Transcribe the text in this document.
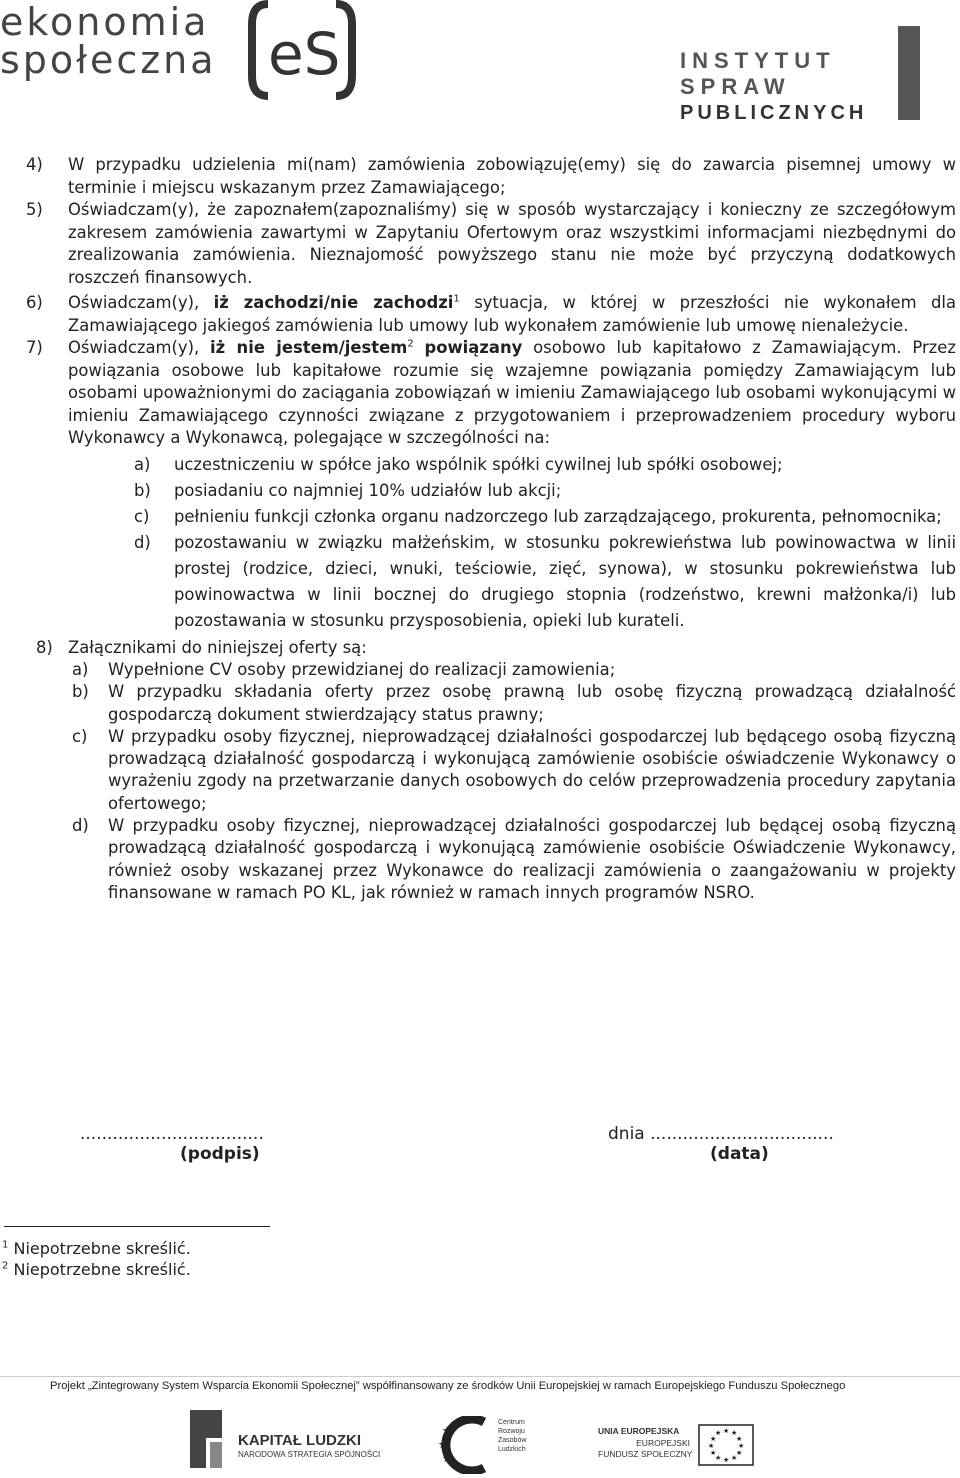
ekonomia
społeczna eS	INSTYTUT SPRAW
PUBLICZNYCH
4) W przypadku udzielenia mi(nam) zamówienia zobowiązuję(emy) się do zawarcia pisemnej umowy w terminie i miejscu wskazanym przez Zamawiającego;
5) Oświadczam(y), że zapoznałem(zapoznaliśmy) się w sposób wystarczający i konieczny ze szczegółowym zakresem zamówienia zawartymi w Zapytaniu Ofertowym oraz wszystkimi informacjami niezbędnymi do zrealizowania zamówienia. Nieznajomość powyższego stanu nie może być przyczyną dodatkowych roszczeń finansowych.
6) Oświadczam(y), iż zachodzi/nie zachodzi$^1$ sytuacja, w której w przeszłości nie wykonałem dla Zamawiającego jakiegoś zamówienia lub umowy lub wykonałem zamówienie lub umowę nienależycie.
7) Oświadczam(y), iż nie jestem/jestem$^2$ powiązany osobowo lub kapitałowo z Zamawiającym. Przez powiązania osobowe lub kapitałowe rozumie się wzajemne powiązania pomiędzy Zamawiającym lub osobami upoważnionymi do zaciągania zobowiązań w imieniu Zamawiającego lub osobami wykonującymi w imieniu Zamawiającego czynności związane z przygotowaniem i przeprowadzeniem procedury wyboru Wykonawcy a Wykonawcą, polegające w szczególności na:
a) uczestniczeniu w spółce jako wspólnik spółki cywilnej lub spółki osobowej;
b) posiadaniu co najmniej 10% udziałów lub akcji;
c) pełnieniu funkcji członka organu nadzorczego lub zarządzającego, prokurenta, pełnomocnika;
d) pozostawaniu w związku małżeńskim, w stosunku pokrewieństwa lub powinowactwa w linii prostej (rodzice, dzieci, wnuki, teściowie, zięć, synowa), w stosunku pokrewieństwa lub powinowactwa w linii bocznej do drugiego stopnia (rodzeństwo, krewni małżonka/i) lub pozostawania w stosunku przysposobienia, opieki lub kurateli.
8) Załącznikami do niniejszej oferty są:
a) Wypełnione CV osoby przewidzianej do realizacji zamowienia;
b) W przypadku składania oferty przez osobę prawną lub osobę fizyczną prowadzącą działalność gospodarczą dokument stwierdzający status prawny;
c) W przypadku osoby fizycznej, nieprowadzącej działalności gospodarczej lub będącego osobą fizyczną prowadzącą działalność gospodarczą i wykonującą zamówienie osobiście oświadczenie Wykonawcy o wyrażeniu zgody na przetwarzanie danych osobowych do celów przeprowadzenia procedury zapytania ofertowego;
d) W przypadku osoby fizycznej, nieprowadzącej działalności gospodarczej lub będącej osobą fizyczną prowadzącą działalność gospodarczą i wykonującą zamówienie osobiście Oświadczenie Wykonawcy, również osoby wskazanej przez Wykonawce do realizacji zamówienia o zaangażowaniu w projekty finansowane w ramach PO KL, jak również w ramach innych programów NSRO.
..................................
(podpis)
dnia ..................................
(data)
$^1$ Niepotrzebne skreślić.
$^2$ Niepotrzebne skreślić.
Projekt „Zintegrowany System Wsparcia Ekonomii Społecznej” współfinansowany ze środków Unii Europejskiej w ramach Europejskiego Funduszu Społecznego
KAPITAŁ LUDZKI
NARODOWA STRATEGIA SPÓJNOŚCI
★
★
★
Centrum
Rozwoju
Zasobów
Ludzkich
UNIA EUROPEJSKA
EUROPEJSKI
FUNDUSZ SPOŁECZNY
★ ★
★
★
★
★
★
★
★
★
★
★
